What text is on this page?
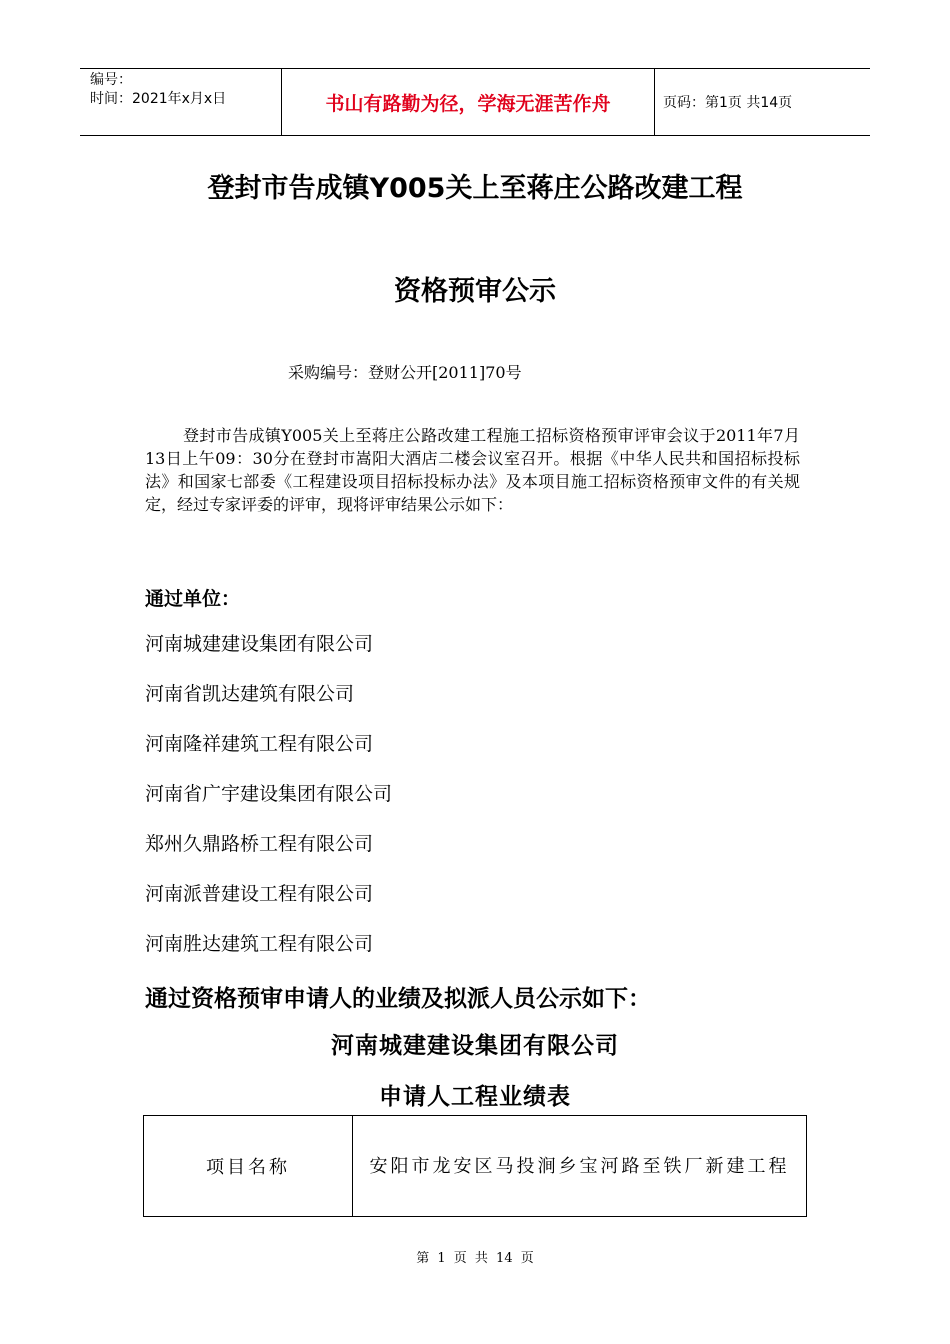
编号：
时间：2021年x月x日	书山有路勤为径，学海无涯苦作舟	页码：第1页 共14页
登封市告成镇Y005关上至蒋庄公路改建工程
资格预审公示
采购编号：登财公开[2011]70号
登封市告成镇Y005关上至蒋庄公路改建工程施工招标资格预审评审会议于2011年7月13日上午09：30分在登封市嵩阳大酒店二楼会议室召开。根据《中华人民共和国招标投标法》和国家七部委《工程建设项目招标投标办法》及本项目施工招标资格预审文件的有关规定，经过专家评委的评审，现将评审结果公示如下：
通过单位：
河南城建建设集团有限公司
河南省凯达建筑有限公司
河南隆祥建筑工程有限公司
河南省广宇建设集团有限公司
郑州久鼎路桥工程有限公司
河南派普建设工程有限公司
河南胜达建筑工程有限公司
通过资格预审申请人的业绩及拟派人员公示如下：
河南城建建设集团有限公司
申请人工程业绩表
项目名称	安阳市龙安区马投涧乡宝河路至铁厂新建工程
第 1 页 共 14 页
